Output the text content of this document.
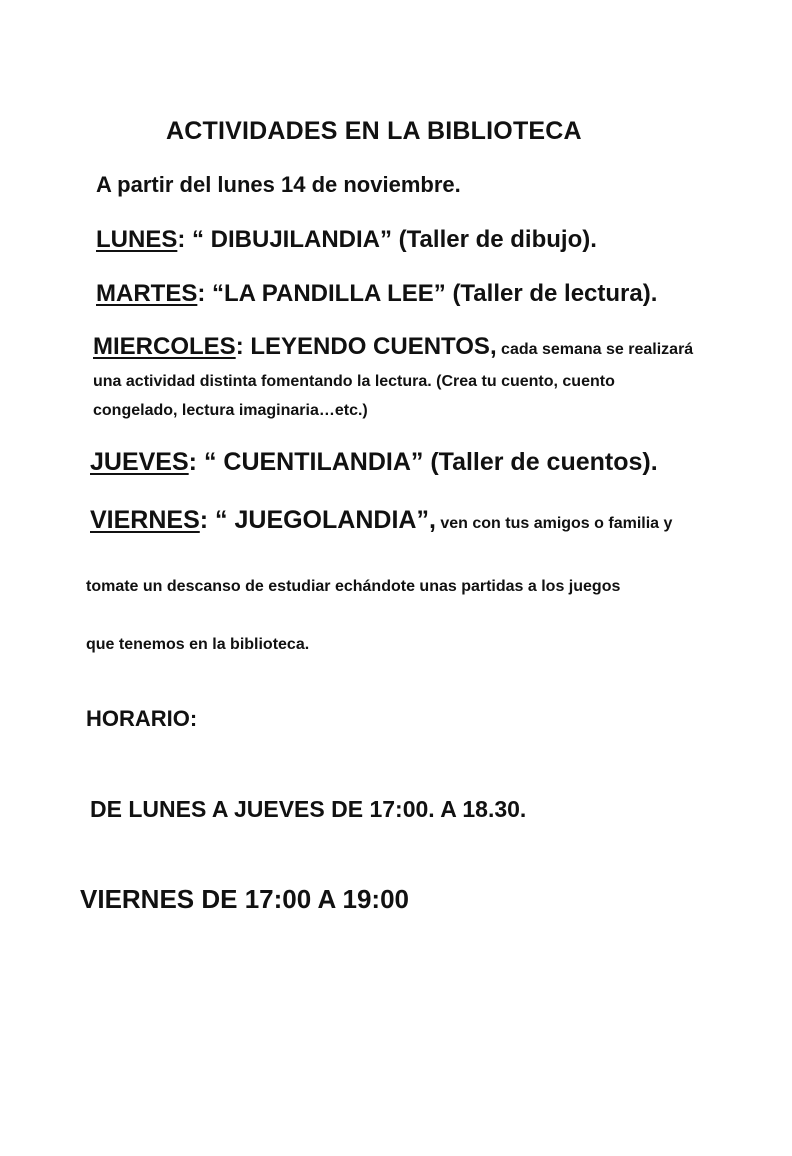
ACTIVIDADES EN LA BIBLIOTECA
A partir del lunes 14 de noviembre.
LUNES: “ DIBUJILANDIA” (Taller de dibujo).
MARTES: “LA PANDILLA LEE” (Taller de lectura).
MIERCOLES: LEYENDO CUENTOS, cada semana se realizará
una actividad distinta fomentando la lectura. (Crea tu cuento, cuento
congelado, lectura imaginaria…etc.)
JUEVES: “ CUENTILANDIA” (Taller de cuentos).
VIERNES: “ JUEGOLANDIA”, ven con tus amigos o familia y
tomate un descanso de estudiar echándote unas partidas a los juegos
que tenemos en la biblioteca.
HORARIO:
DE LUNES A JUEVES DE 17:00. A 18.30.
VIERNES DE 17:00 A 19:00
